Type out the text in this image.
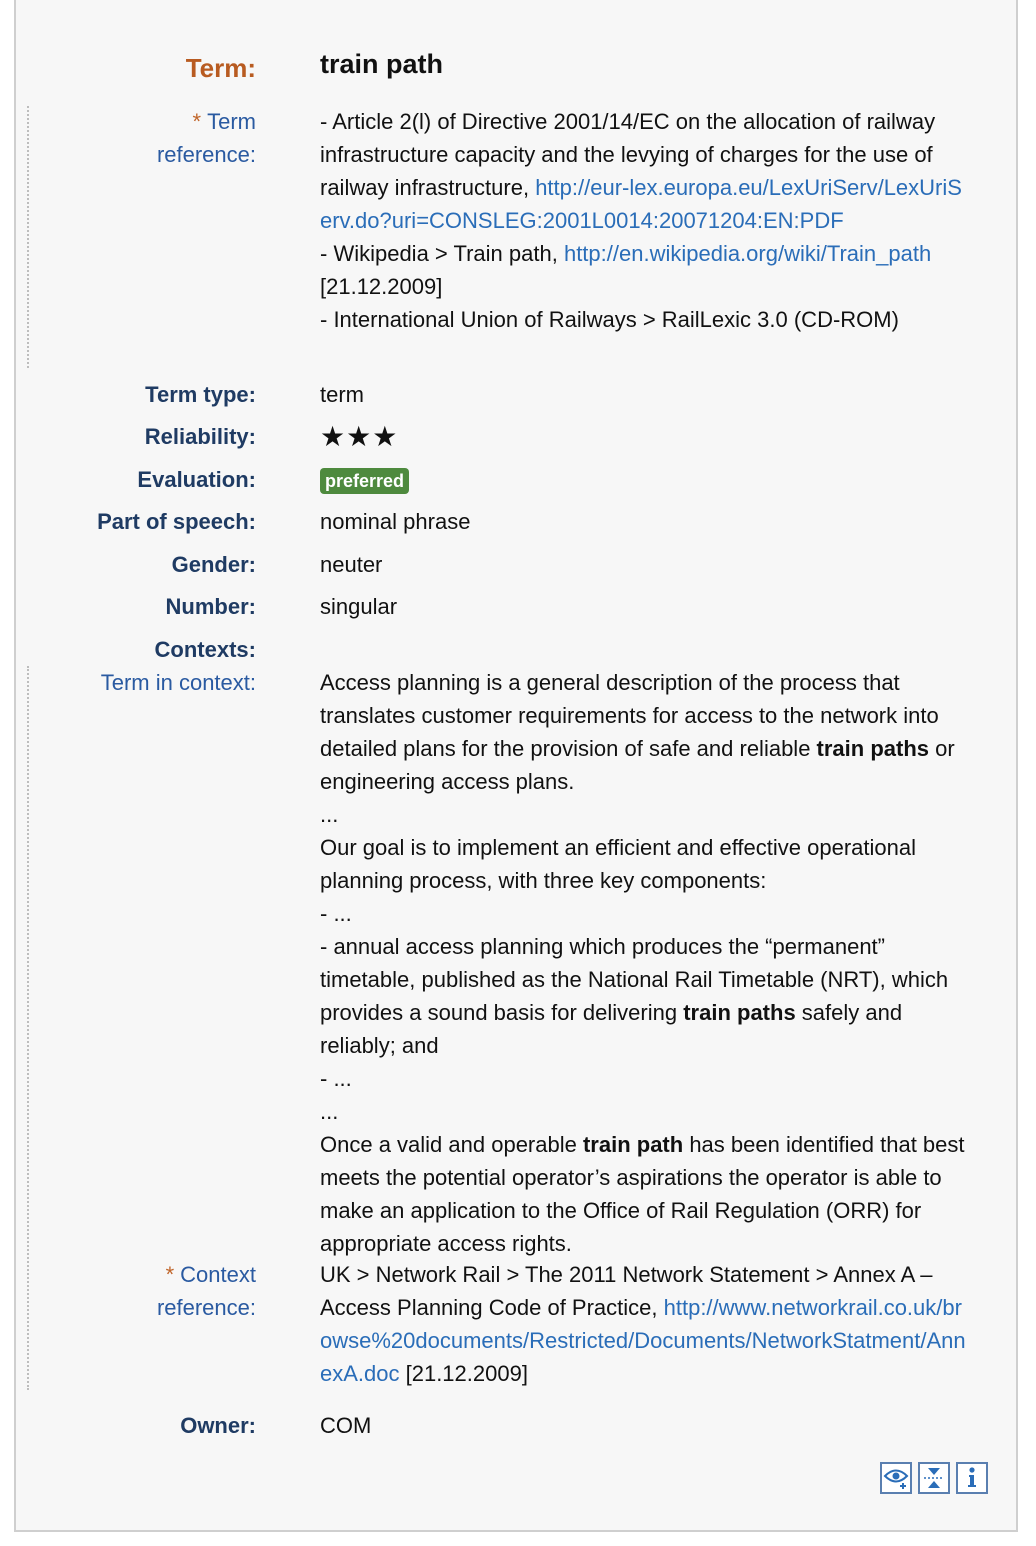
Term: train path
* Term
reference:
- Article 2(l) of Directive 2001/14/EC on the allocation of railway infrastructure capacity and the levying of charges for the use of railway infrastructure, http://eur-lex.europa.eu/LexUriServ/LexUriServ.do?uri=CONSLEG:2001L0014:20071204:EN:PDF
- Wikipedia > Train path, http://en.wikipedia.org/wiki/Train_path
[21.12.2009]
- International Union of Railways > RailLexic 3.0 (CD-ROM)
Term type:	term
Reliability: ★★★
Evaluation:	preferred
Part of speech:	nominal phrase
Gender:	neuter
Number:	singular
Contexts:
Term in context:	Access planning is a general description of the process that translates customer requirements for access to the network into detailed plans for the provision of safe and reliable train paths or engineering access plans.
...
Our goal is to implement an efficient and effective operational planning process, with three key components:
- ...
- annual access planning which produces the “permanent” timetable, published as the National Rail Timetable (NRT), which provides a sound basis for delivering train paths safely and reliably; and
- ...
...
Once a valid and operable train path has been identified that best meets the potential operator’s aspirations the operator is able to make an application to the Office of Rail Regulation (ORR) for appropriate access rights.
* Context
reference:
UK > Network Rail > The 2011 Network Statement > Annex A – Access Planning Code of Practice, http://www.networkrail.co.uk/browse%20documents/Restricted/Documents/NetworkStatment/AnnexA.doc [21.12.2009]
Owner:	COM
